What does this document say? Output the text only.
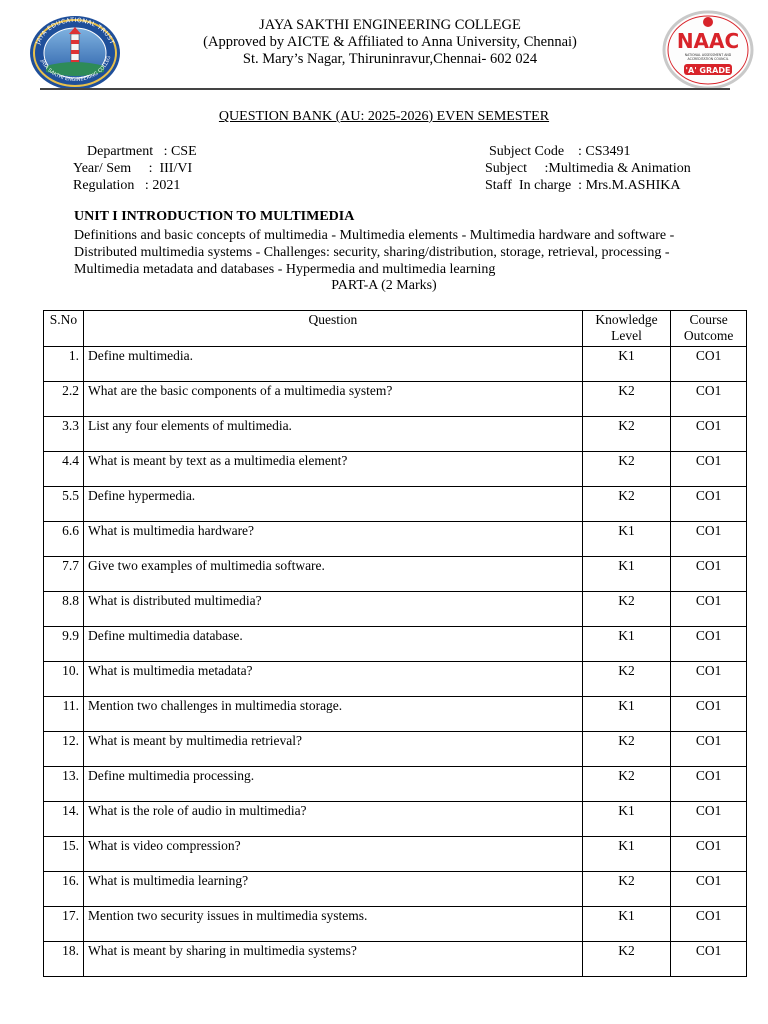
JAYA EDUCATIONAL TRUST
JAYA SAKTHI ENGINEERING COLLEG
NAAC
NATIONAL ASSESSMENT AND
ACCREDITATION COUNCIL
'A' GRADE
JAYA SAKTHI ENGINEERING COLLEGE
(Approved by AICTE & Affiliated to Anna University, Chennai)
St. Mary’s Nagar, Thiruninravur,Chennai- 602 024
QUESTION BANK (AU: 2025-2026) EVEN SEMESTER
Department   : CSE
Year/ Sem     :  III/VI
Regulation   : 2021
Subject Code    : CS3491
Subject     :Multimedia & Animation
Staff  In charge  : Mrs.M.ASHIKA
UNIT I INTRODUCTION TO MULTIMEDIA
Definitions and basic concepts of multimedia - Multimedia elements - Multimedia hardware and software - Distributed multimedia systems - Challenges: security, sharing/distribution, storage, retrieval, processing - Multimedia metadata and databases - Hypermedia and multimedia learning
PART-A (2 Marks)
S.No	Question	Knowledge Level	Course Outcome
1.	Define multimedia.	K1	CO1
2.2	What are the basic components of a multimedia system?	K2	CO1
3.3	List any four elements of multimedia.	K2	CO1
4.4	What is meant by text as a multimedia element?	K2	CO1
5.5	Define hypermedia.	K2	CO1
6.6	What is multimedia hardware?	K1	CO1
7.7	Give two examples of multimedia software.	K1	CO1
8.8	What is distributed multimedia?	K2	CO1
9.9	Define multimedia database.	K1	CO1
10.	What is multimedia metadata?	K2	CO1
11.	Mention two challenges in multimedia storage.	K1	CO1
12.	What is meant by multimedia retrieval?	K2	CO1
13.	Define multimedia processing.	K2	CO1
14.	What is the role of audio in multimedia?	K1	CO1
15.	What is video compression?	K1	CO1
16.	What is multimedia learning?	K2	CO1
17.	Mention two security issues in multimedia systems.	K1	CO1
18.	What is meant by sharing in multimedia systems?	K2	CO1
